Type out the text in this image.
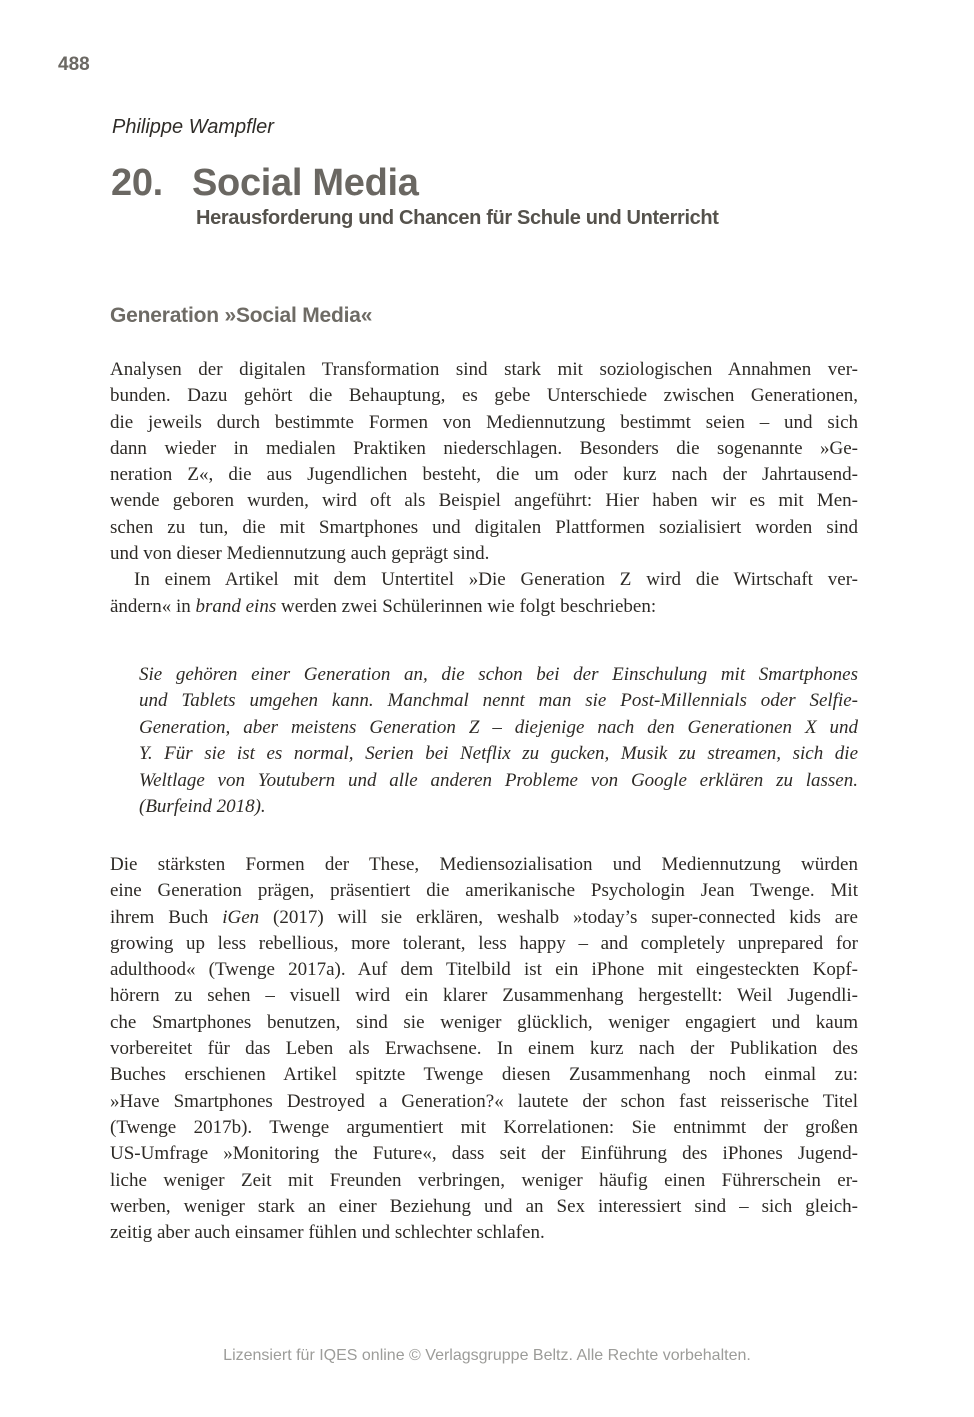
488
Philippe Wampfler
20. Social Media
Herausforderung und Chancen für Schule und Unterricht
Generation »Social Media«
Analysen der digitalen Transformation sind stark mit soziologischen Annahmen ver-
bunden. Dazu gehört die Behauptung, es gebe Unterschiede zwischen Generationen,
die jeweils durch bestimmte Formen von Mediennutzung bestimmt seien – und sich
dann wieder in medialen Praktiken niederschlagen. Besonders die sogenannte »Ge-
neration Z«, die aus Jugendlichen besteht, die um oder kurz nach der Jahrtausend-
wende geboren wurden, wird oft als Beispiel angeführt: Hier haben wir es mit Men-
schen zu tun, die mit Smartphones und digitalen Plattformen sozialisiert worden sind
und von dieser Mediennutzung auch geprägt sind.
In einem Artikel mit dem Untertitel »Die Generation Z wird die Wirtschaft ver-
ändern« in brand eins werden zwei Schülerinnen wie folgt beschrieben:
Sie gehören einer Generation an, die schon bei der Einschulung mit Smartphones
und Tablets umgehen kann. Manchmal nennt man sie Post-Millennials oder Selfie-
Generation, aber meistens Generation Z – diejenige nach den Generationen X und
Y. Für sie ist es normal, Serien bei Netflix zu gucken, Musik zu streamen, sich die
Weltlage von Youtubern und alle anderen Probleme von Google erklären zu lassen.
(Burfeind 2018).
Die stärksten Formen der These, Mediensozialisation und Mediennutzung würden
eine Generation prägen, präsentiert die amerikanische Psychologin Jean Twenge. Mit
ihrem Buch iGen (2017) will sie erklären, weshalb »today’s super-connected kids are
growing up less rebellious, more tolerant, less happy – and completely unprepared for
adulthood« (Twenge 2017a). Auf dem Titelbild ist ein iPhone mit eingesteckten Kopf-
hörern zu sehen – visuell wird ein klarer Zusammenhang hergestellt: Weil Jugendli-
che Smartphones benutzen, sind sie weniger glücklich, weniger engagiert und kaum
vorbereitet für das Leben als Erwachsene. In einem kurz nach der Publikation des
Buches erschienen Artikel spitzte Twenge diesen Zusammenhang noch einmal zu:
»Have Smartphones Destroyed a Generation?« lautete der schon fast reisserische Titel
(Twenge 2017b). Twenge argumentiert mit Korrelationen: Sie entnimmt der großen
US-Umfrage »Monitoring the Future«, dass seit der Einführung des iPhones Jugend-
liche weniger Zeit mit Freunden verbringen, weniger häufig einen Führerschein er-
werben, weniger stark an einer Beziehung und an Sex interessiert sind – sich gleich-
zeitig aber auch einsamer fühlen und schlechter schlafen.
Lizensiert für IQES online © Verlagsgruppe Beltz. Alle Rechte vorbehalten.
